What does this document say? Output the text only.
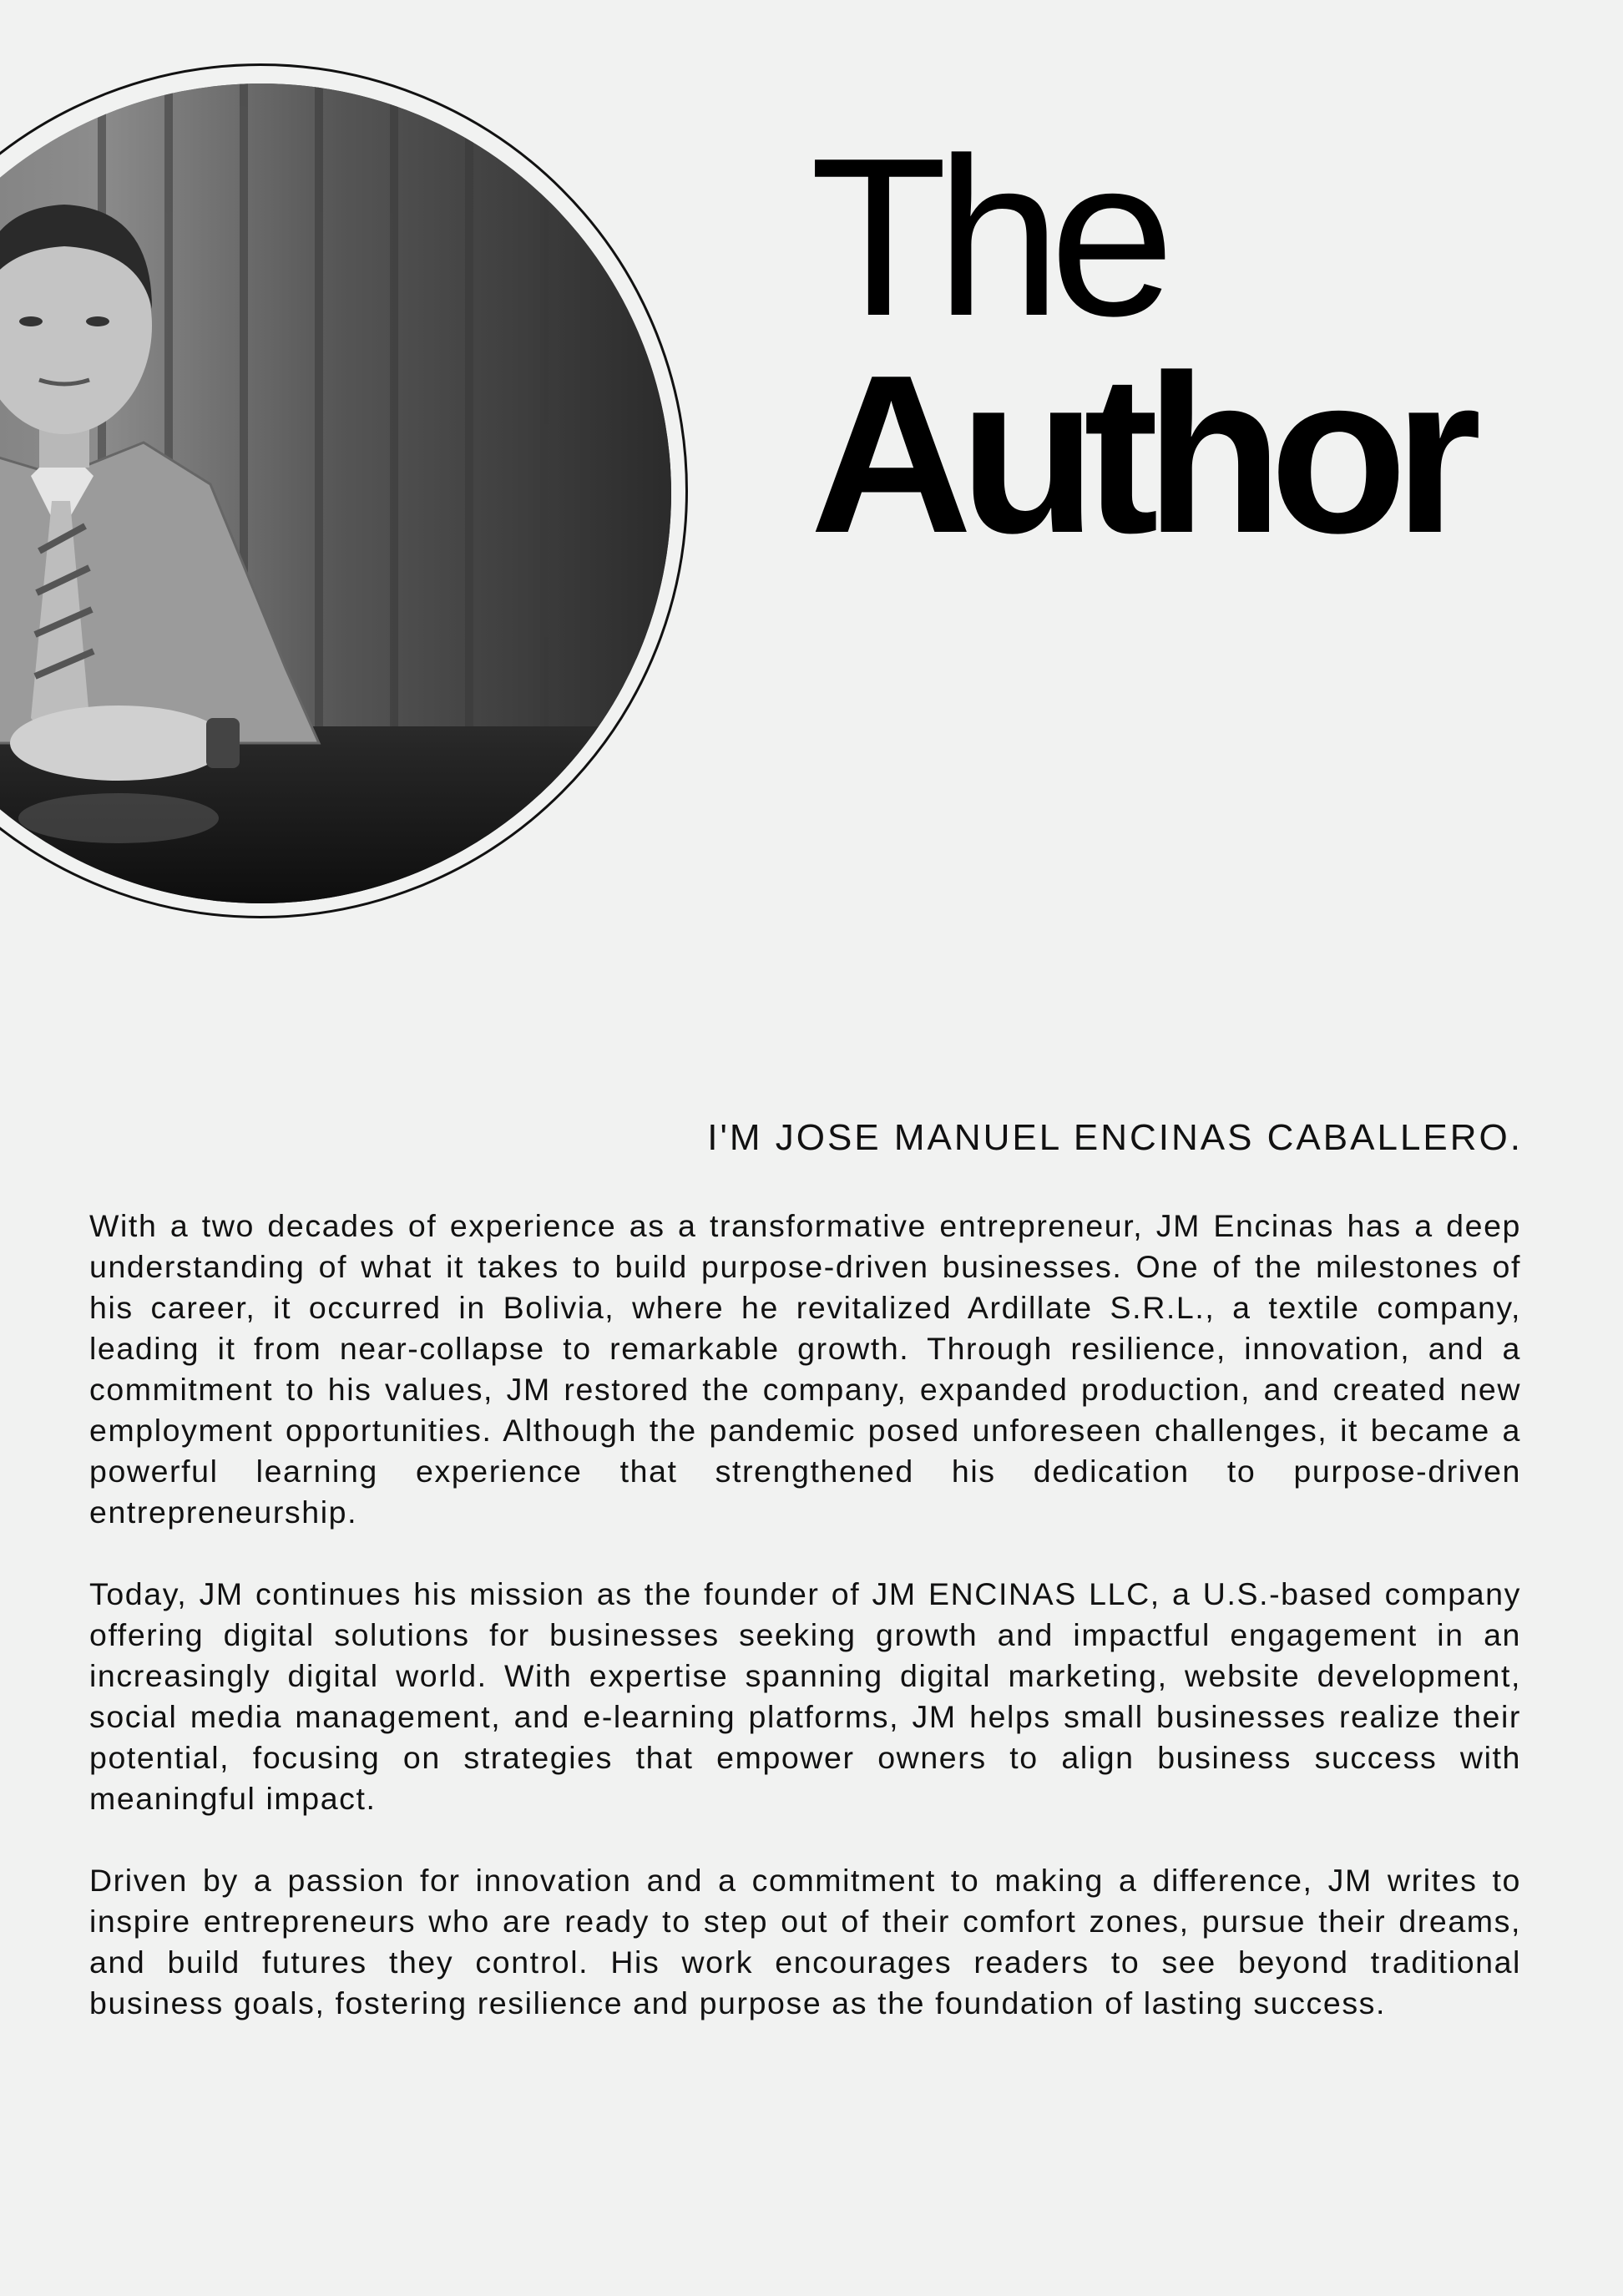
The
Author
I'M JOSE MANUEL ENCINAS CABALLERO.

With a two decades of experience as a transformative entrepreneur, JM Encinas has a deep understanding of what it takes to build purpose-driven businesses. One of the milestones of his career, it occurred in Bolivia, where he revitalized Ardillate S.R.L., a textile company, leading it from near-collapse to remarkable growth. Through resilience, innovation, and a commitment to his values, JM restored the company, expanded production, and created new employment opportunities. Although the pandemic posed unforeseen challenges, it became a powerful learning experience that strengthened his dedication to purpose-driven entrepreneurship.

Today, JM continues his mission as the founder of JM ENCINAS LLC, a U.S.-based company offering digital solutions for businesses seeking growth and impactful engagement in an increasingly digital world. With expertise spanning digital marketing, website development, social media management, and e-learning platforms, JM helps small businesses realize their potential, focusing on strategies that empower owners to align business success with meaningful impact.

Driven by a passion for innovation and a commitment to making a difference, JM writes to inspire entrepreneurs who are ready to step out of their comfort zones, pursue their dreams, and build futures they control. His work encourages readers to see beyond traditional business goals, fostering resilience and purpose as the foundation of lasting success.
